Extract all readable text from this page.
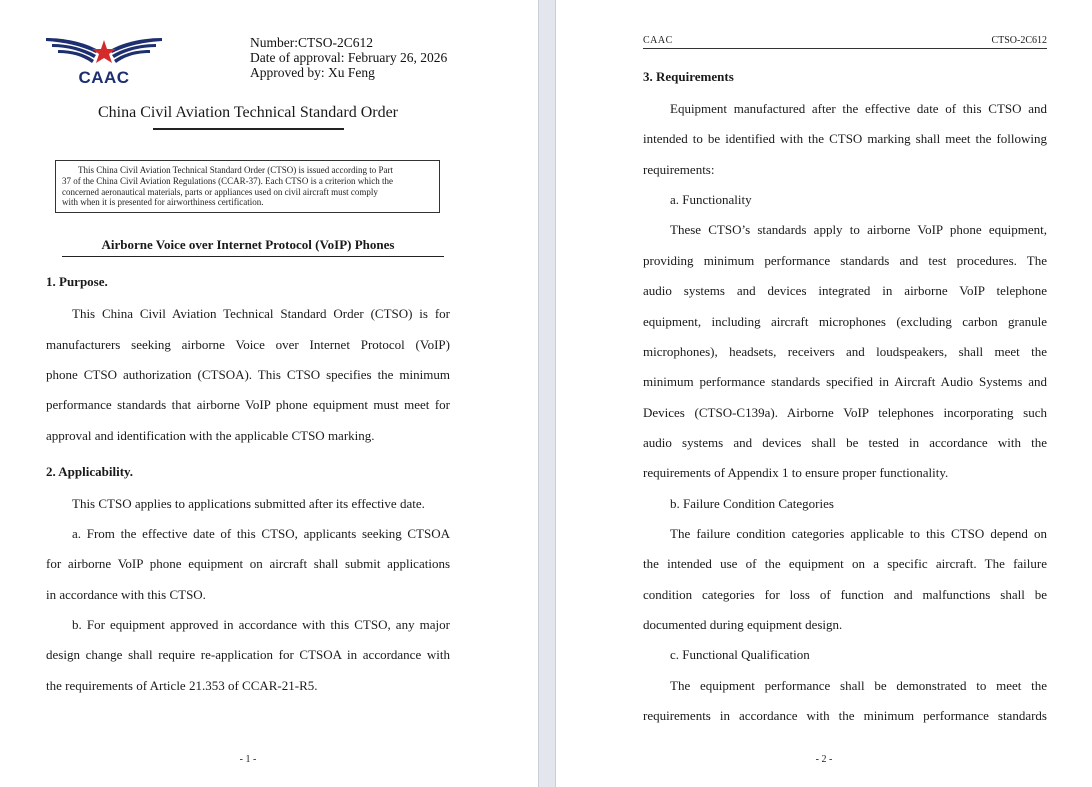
CAAC
Number:CTSO-2C612
Date of approval: February 26, 2026
Approved by: Xu Feng
China Civil Aviation Technical Standard Order
This China Civil Aviation Technical Standard Order (CTSO) is issued according to Part
37 of the China Civil Aviation Regulations (CCAR-37). Each CTSO is a criterion which the
concerned aeronautical materials, parts or appliances used on civil aircraft must comply
with when it is presented for airworthiness certification.
Airborne Voice over Internet Protocol (VoIP) Phones
1. Purpose.
This China Civil Aviation Technical Standard Order (CTSO) is for
manufacturers seeking airborne Voice over Internet Protocol (VoIP)
phone CTSO authorization (CTSOA). This CTSO specifies the minimum
performance standards that airborne VoIP phone equipment must meet for
approval and identification with the applicable CTSO marking.
2. Applicability.
This CTSO applies to applications submitted after its effective date.
a. From the effective date of this CTSO, applicants seeking CTSOA
for airborne VoIP phone equipment on aircraft shall submit applications
in accordance with this CTSO.
b. For equipment approved in accordance with this CTSO, any major
design change shall require re-application for CTSOA in accordance with
the requirements of Article 21.353 of CCAR-21-R5.
- 1 -
CAAC	CTSO-2C612
3. Requirements
Equipment manufactured after the effective date of this CTSO and
intended to be identified with the CTSO marking shall meet the following
requirements:
a. Functionality
These CTSO’s standards apply to airborne VoIP phone equipment,
providing minimum performance standards and test procedures. The
audio systems and devices integrated in airborne VoIP telephone
equipment, including aircraft microphones (excluding carbon granule
microphones), headsets, receivers and loudspeakers, shall meet the
minimum performance standards specified in Aircraft Audio Systems and
Devices (CTSO-C139a). Airborne VoIP telephones incorporating such
audio systems and devices shall be tested in accordance with the
requirements of Appendix 1 to ensure proper functionality.
b. Failure Condition Categories
The failure condition categories applicable to this CTSO depend on
the intended use of the equipment on a specific aircraft. The failure
condition categories for loss of function and malfunctions shall be
documented during equipment design.
c. Functional Qualification
The equipment performance shall be demonstrated to meet the
requirements in accordance with the minimum performance standards
- 2 -
